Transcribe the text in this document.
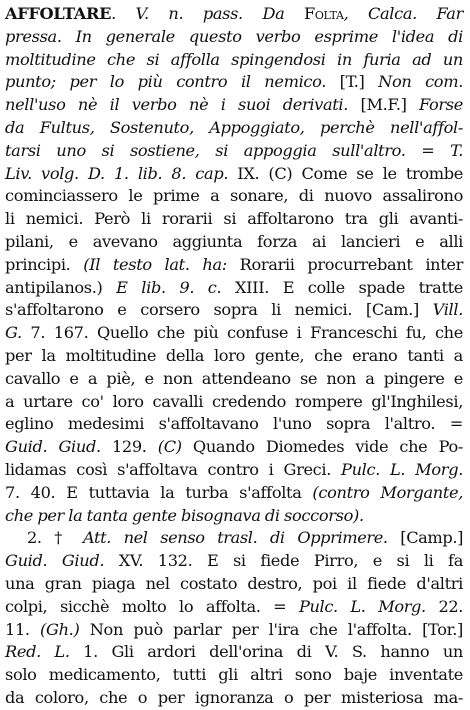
AFFOLTARE. V. n. pass. Da Folta, Calca. Far
pressa. In generale questo verbo esprime l'idea di
moltitudine che si affolla spingendosi in furia ad un
punto; per lo più contro il nemico. [T.] Non com.
nell'uso nè il verbo nè i suoi derivati. [M.F.] Forse
da Fultus, Sostenuto, Appoggiato, perchè nell'affol-
tarsi uno si sostiene, si appoggia sull'altro. = T.
Liv. volg. D. 1. lib. 8. cap. IX. (C) Come se le trombe
cominciassero le prime a sonare, di nuovo assalirono
li nemici. Però li rorarii si affoltarono tra gli avanti-
pilani, e avevano aggiunta forza ai lancieri e alli
principi. (Il testo lat. ha: Rorarii procurrebant inter
antipilanos.) E lib. 9. c. XIII. E colle spade tratte
s'affoltarono e corsero sopra li nemici. [Cam.] Vill.
G. 7. 167. Quello che più confuse i Franceschi fu, che
per la moltitudine della loro gente, che erano tanti a
cavallo e a piè, e non attendeano se non a pingere e
a urtare co' loro cavalli credendo rompere gl'Inghilesi,
eglino medesimi s'affoltavano l'uno sopra l'altro. =
Guid. Giud. 129. (C) Quando Diomedes vide che Po-
lidamas così s'affoltava contro i Greci. Pulc. L. Morg.
7. 40. E tuttavia la turba s'affolta (contro Morgante,
che per la tanta gente bisognava di soccorso).
2. † Att. nel senso trasl. di Opprimere. [Camp.]
Guid. Giud. XV. 132. E si fiede Pirro, e si li fa
una gran piaga nel costato destro, poi il fiede d'altri
colpi, sicchè molto lo affolta. = Pulc. L. Morg. 22.
11. (Gh.) Non può parlar per l'ira che l'affolta. [Tor.]
Red. L. 1. Gli ardori dell'orina di V. S. hanno un
solo medicamento, tutti gli altri sono baje inventate
da coloro, che o per ignoranza o per misteriosa ma-
